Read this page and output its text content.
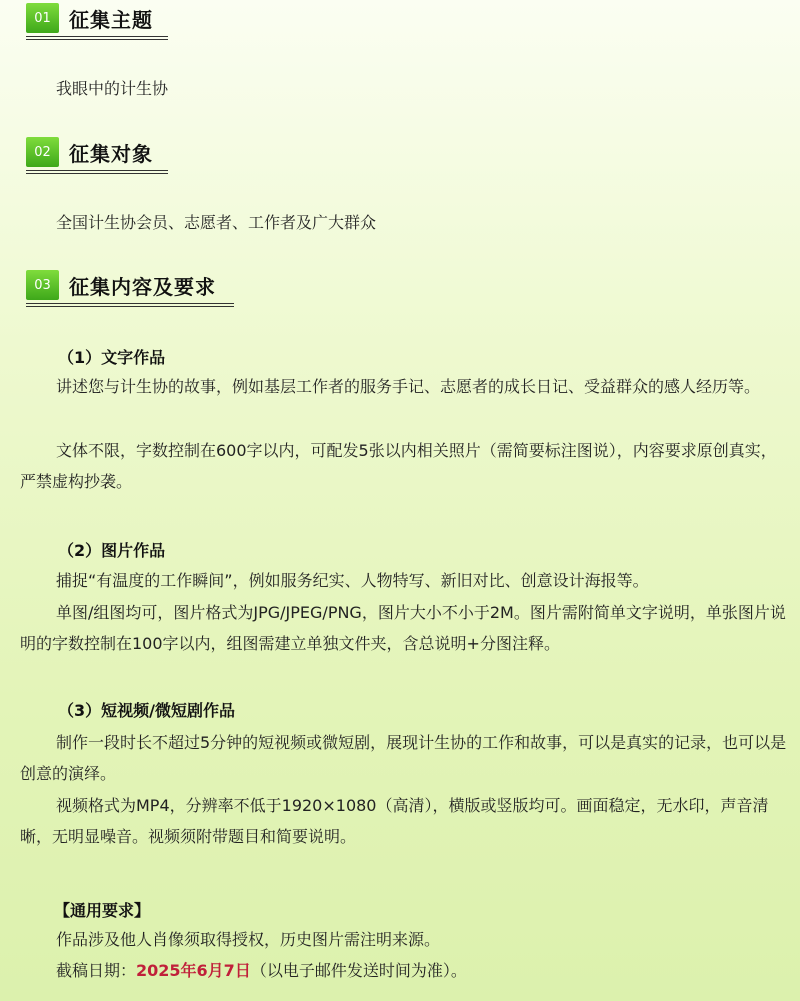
01 征集主题
我眼中的计生协
02 征集对象
全国计生协会员、志愿者、工作者及广大群众
03 征集内容及要求
（1）文字作品

讲述您与计生协的故事，例如基层工作者的服务手记、志愿者的成长日记、受益群众的感人经历等。

文体不限，字数控制在600字以内，可配发5张以内相关照片（需简要标注图说），内容要求原创真实，严禁虚构抄袭。

（2）图片作品

捕捉“有温度的工作瞬间”，例如服务纪实、人物特写、新旧对比、创意设计海报等。

单图/组图均可，图片格式为JPG/JPEG/PNG，图片大小不小于2M。图片需附简单文字说明，单张图片说明的字数控制在100字以内，组图需建立单独文件夹，含总说明+分图注释。

（3）短视频/微短剧作品

制作一段时长不超过5分钟的短视频或微短剧，展现计生协的工作和故事，可以是真实的记录，也可以是创意的演绎。

视频格式为MP4，分辨率不低于1920×1080（高清），横版或竖版均可。画面稳定，无水印，声音清晰，无明显噪音。视频须附带题目和简要说明。

【通用要求】

作品涉及他人肖像须取得授权，历史图片需注明来源。

截稿日期：2025年6月7日（以电子邮件发送时间为准）。
